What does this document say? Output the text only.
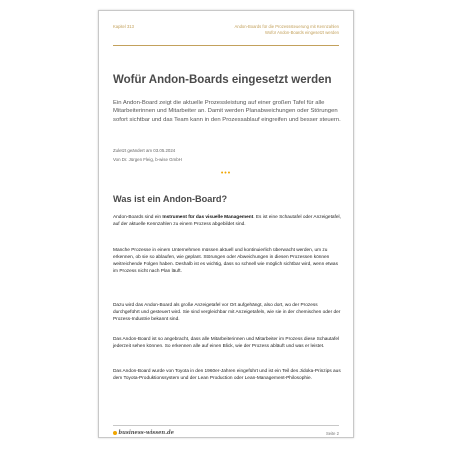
Kapitel 313	Andon-Boards für die Prozesssteuerung mit Kennzahlen
Wofür Andon-Boards eingesetzt werden
Wofür Andon-Boards eingesetzt werden
Ein Andon-Board zeigt die aktuelle Prozessleistung auf einer großen Tafel für alle Mitarbeiterinnen und Mitarbeiter an. Damit werden Planabweichungen oder Störungen sofort sichtbar und das Team kann in den Prozessablauf eingreifen und besser steuern.
Zuletzt geändert am 03.05.2024
Von Dr. Jürgen Fleig, b-wise GmbH
•••
Was ist ein Andon-Board?
Andon-Boards sind ein Instrument für das visuelle Management. Es ist eine Schautafel oder Anzeigetafel, auf der aktuelle Kennzahlen zu einem Prozess abgebildet sind.
Manche Prozesse in einem Unternehmen müssen aktuell und kontinuierlich überwacht werden, um zu erkennen, ob sie so ablaufen, wie geplant. Störungen oder Abweichungen in diesen Prozessen können weitreichende Folgen haben. Deshalb ist es wichtig, dass so schnell wie möglich sichtbar wird, wenn etwas im Prozess nicht nach Plan läuft.
Dazu wird das Andon-Board als große Anzeigetafel vor Ort aufgehängt, also dort, wo der Prozess durchgeführt und gesteuert wird. Sie sind vergleichbar mit Anzeigetafeln, wie sie in der chemischen oder der Prozess-Industrie bekannt sind.
Das Andon-Board ist so angebracht, dass alle Mitarbeiterinnen und Mitarbeiter im Prozess diese Schautafel jederzeit sehen können. So erkennen alle auf einen Blick, wie der Prozess abläuft und was er leistet.
Das Andon-Board wurde von Toyota in den 1960er-Jahren eingeführt und ist ein Teil des Jidoka-Prinzips aus dem Toyota-Produktionssystem und der Lean Production oder Lean-Management-Philosophie.
business-wissen.de	Seite 2
